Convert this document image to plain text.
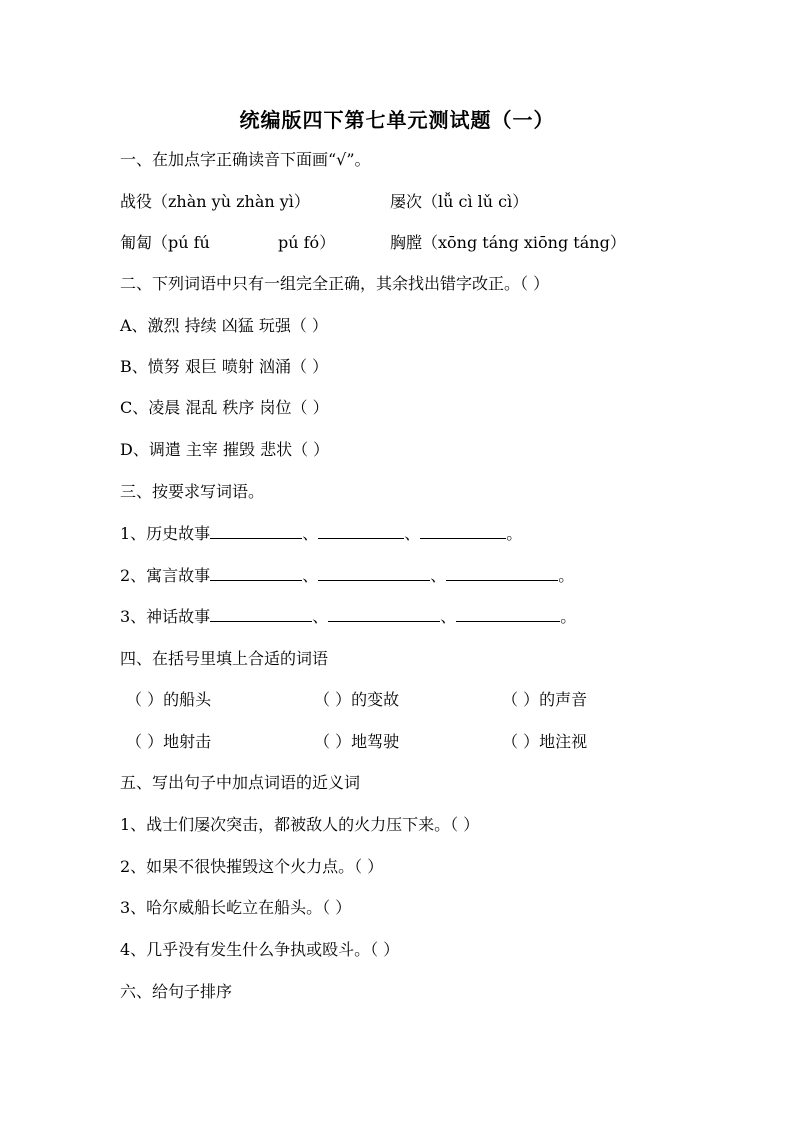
统编版四下第七单元测试题（一）
一、在加点字正确读音下面画“√”。
战役（zhàn yù zhàn yì）	屡次（lǚ cì lǔ cì）
匍匐（pú fú	pú fó）	胸膛（xōng táng xiōng táng）
二、下列词语中只有一组完全正确，其余找出错字改正。（ ）
A、激烈 持续 凶猛 玩强（ ）
B、愤努 艰巨 喷射 汹涌（ ）
C、凌晨 混乱 秩序 岗位（ ）
D、调遣 主宰 摧毁 悲状（ ）
三、按要求写词语。
1、历史故事	、	、	。
2、寓言故事	、	、	。
3、神话故事	、	、	。
四、在括号里填上合适的词语
（ ）的船头	（ ）的变故	（ ）的声音
（ ）地射击	（ ）地驾驶	（ ）地注视
五、写出句子中加点词语的近义词
1、战士们屡次突击，都被敌人的火力压下来。（ ）
2、如果不很快摧毁这个火力点。（ ）
3、哈尔威船长屹立在船头。（ ）
4、几乎没有发生什么争执或殴斗。（ ）
六、给句子排序
